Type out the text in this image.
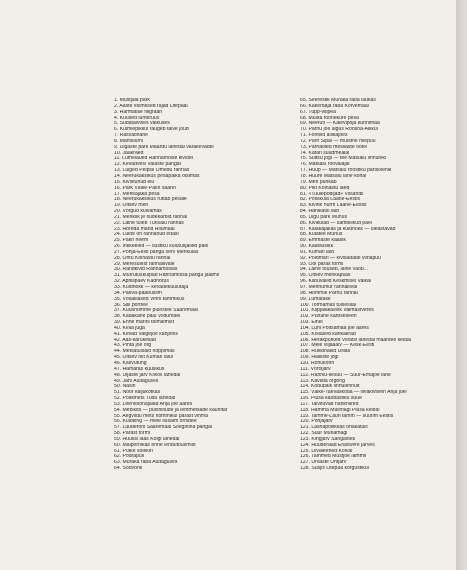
1. Mustjala park
2. Aaste esimesed rajad Otepääl
3. Härmatise filigraan
4. Kuused lumerüüs
5. Südatalvises vaikuses
6. Külmlepikkul raugeb talve jõud
7. Rasvatihane
8. Märtsilumi
9. Ülgaste park Maardu lähedal varakevadel
10. Jääkraed
11. Lumelaued Rannamõise kividel
12. Kevadvesi Valaste pangal
13. Luiged Peipsil Omedu rannas
14. Neerukaksikus pesapaika otsimas
15. Kivistunud elu
16. Park Väike-Pakri saarel
17. Merikajaka pesa
18. Neerukaksikus ruttab pesale
19. Õitsev meri
20. Võrgud kuivamas
21. Merikilk je südekarbid rannal
22. Laine tuleb Türisalu rannas
23. Hõreda mänd Hiiumaal
24. Luide on rännanud edasi
25. Pakri neem
26. Ihkkeeled — liustiku kulutusjälled pael
27. Põhja-Eesti panga serv Merikülas
28. Õhtu Kõinastu rannal
29. Meresülest rannaliivale
30. Rändkivid Rannamõisas
31. Murrutuskulpad Rannamõisa panga jalamil
32. Aprillipäev Kadriorus
33. Kuldnokk — kevadekuulutaja
34. Päeva-paabusilm
35. Võsalilased Vinni tammikus
36. Silli portree
37. Kuusnõmme puiestee Saaremaal
38. Kadakane palu Viidumäel
39. Enne männi tolmlemist
40. Keila juga
41. Kevad Valgejõe kanjonis
42. Aas-karukellad
43. Pinta jõe org
44. Metsatuisaid noppimas
45. Õitsev niit Kumari laiul
46. Kasvutung
47. Hämaras kuusikus
48. Uljaste järv Kiviõli lähedal
49. Järv Alutaguses
50. Nasin
51. Noor kaljukotkas
52. Põlismets Tudu lähedal
53. Leenesõnajalad Ahja jõe ääres
54. Metskits — puisniitude ja lehtmetsade kaunitar
55. Aegvildu mets hommikul pärast vihma
56. Kuldking — meie ilusaim orhidee
57. Luuderohi Saaremaal Soeginina pangal
58. Pärast tormi
59. Huuksi laas Koigi lähedal
60. Maipõrnikas enne lendutõusmist
61. Putke sõlekiri
62. Põdrapull
63. Muraka raba Alutaguses
64. Soovõhk
65. Seerestik Muraka raba laukas
66. Kakerdaja raba Kõrvemaal
67. Tupp-villpea
68. Musta toonekure pesa
69. Neeruti — Kalevipoja künnimaa
70. Pärnu jõe algus Roosna-Allikul
71. Forellid allikajões
72. Pärn Sipal — muistne hiiepuu
73. Pärnaõied mesilaste ootel
74. Katari suudmealal
75. Suitsu jõgi — tee Matsalu linnuriiki
76. Matsalu roovälajal
77. Hüüp — Matsalu roostiku pärisolenik
78. Hüüre Matsalu lahe kohal
79. Meri puhkab
80. Pikt Kõinastu laed
81. «Tuulepõdijad» Vilsandil
82. Põlisküla Lääne-Eestis
83. Kivine nurm Lääne-Eestis
84. Hanikatsi laid
85. Ülgu park Muhus
86. Kivikülad — sambliikud pael
87. Kalakajakas ja kuldnokk — üleastavad
88. Külatee Muhus
89. Emmaste kaasik
90. Käätsusikk
91. Kumari laid
92. Põldmari — kivisadade vlinapuu
93. Õöl päras tormi
94. Laine tõuseb, laine vaob...
95. Õitsev merikapsas
96. Klibuvallid Keskmisel Vaikal
97. Merihumur rannaliival
98. Hommik Pärnu rannal
99. Lumatakk
100. Tormamas tuisesilal
101. Kilpjalakasvik Vaimastveres
102. Punane kärbseseen
103. Einel
104. Luhl Põltsamaa jõe ääres
105. Kollased karikakrad
106. Herakpurked Viiratsi lähedal maantee keldal
107. Meie viljaaalv — Kesk-Eesti
108. Rukkihakid Ulilas
109. Hallilste jõgi
110. Rohukonn
111. Võrtsjärv
112. Ranniu-ilesuu — Suur-Emajõe lähe
113. Kavilda õrgong
114. Kodupaik linnulennult
115. Väike-Taevaskoda — liivakivisein Ahja jõel
116. Piusa kaobastiku suue
117. Talvituvad nahkhiired
118. Hämma Mülimägi Piusa keldal
119. Tamme-Lauri tamm — suurim Eestis
120. Põhjajärv
121. Lasnapõllikkas ohakatulil
122. Suur Munamägi
123. Kingjärv Sangastes
124. Huuderaad Erastvere järves
125. Liivaleened Koival
126. Tammed Mustjõe lammil
127. Urvaste Uhtjärv
128. Süsjis Otepää kõrgustikul
